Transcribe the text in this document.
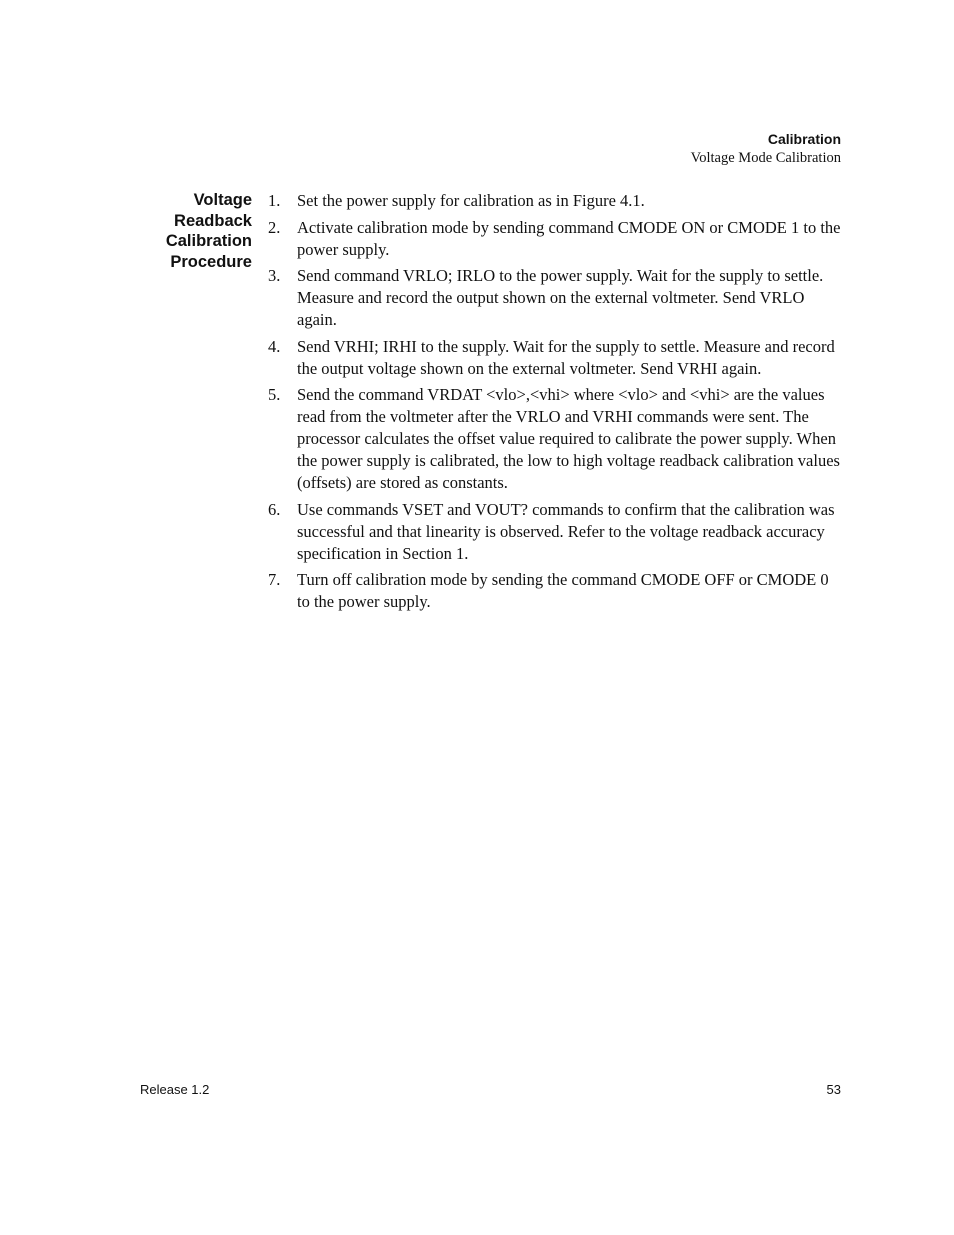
Calibration
Voltage Mode Calibration
Voltage
Readback
Calibration
Procedure
1.	Set the power supply for calibration as in Figure 4.1.
2.	Activate calibration mode by sending command CMODE ON or CMODE 1 to the power supply.
3.	Send command VRLO; IRLO to the power supply. Wait for the supply to settle. Measure and record the output shown on the external voltmeter. Send VRLO again.
4.	Send VRHI; IRHI to the supply. Wait for the supply to settle. Measure and record the output voltage shown on the external voltmeter. Send VRHI again.
5.	Send the command VRDAT <vlo>,<vhi> where <vlo> and <vhi> are the values read from the voltmeter after the VRLO and VRHI commands were sent. The processor calculates the offset value required to calibrate the power supply. When the power supply is calibrated, the low to high voltage readback calibration values (offsets) are stored as constants.
6.	Use commands VSET and VOUT? commands to confirm that the calibration was successful and that linearity is observed. Refer to the voltage readback accuracy specification in Section 1.
7.	Turn off calibration mode by sending the command CMODE OFF or CMODE 0 to the power supply.
Release 1.2	53
